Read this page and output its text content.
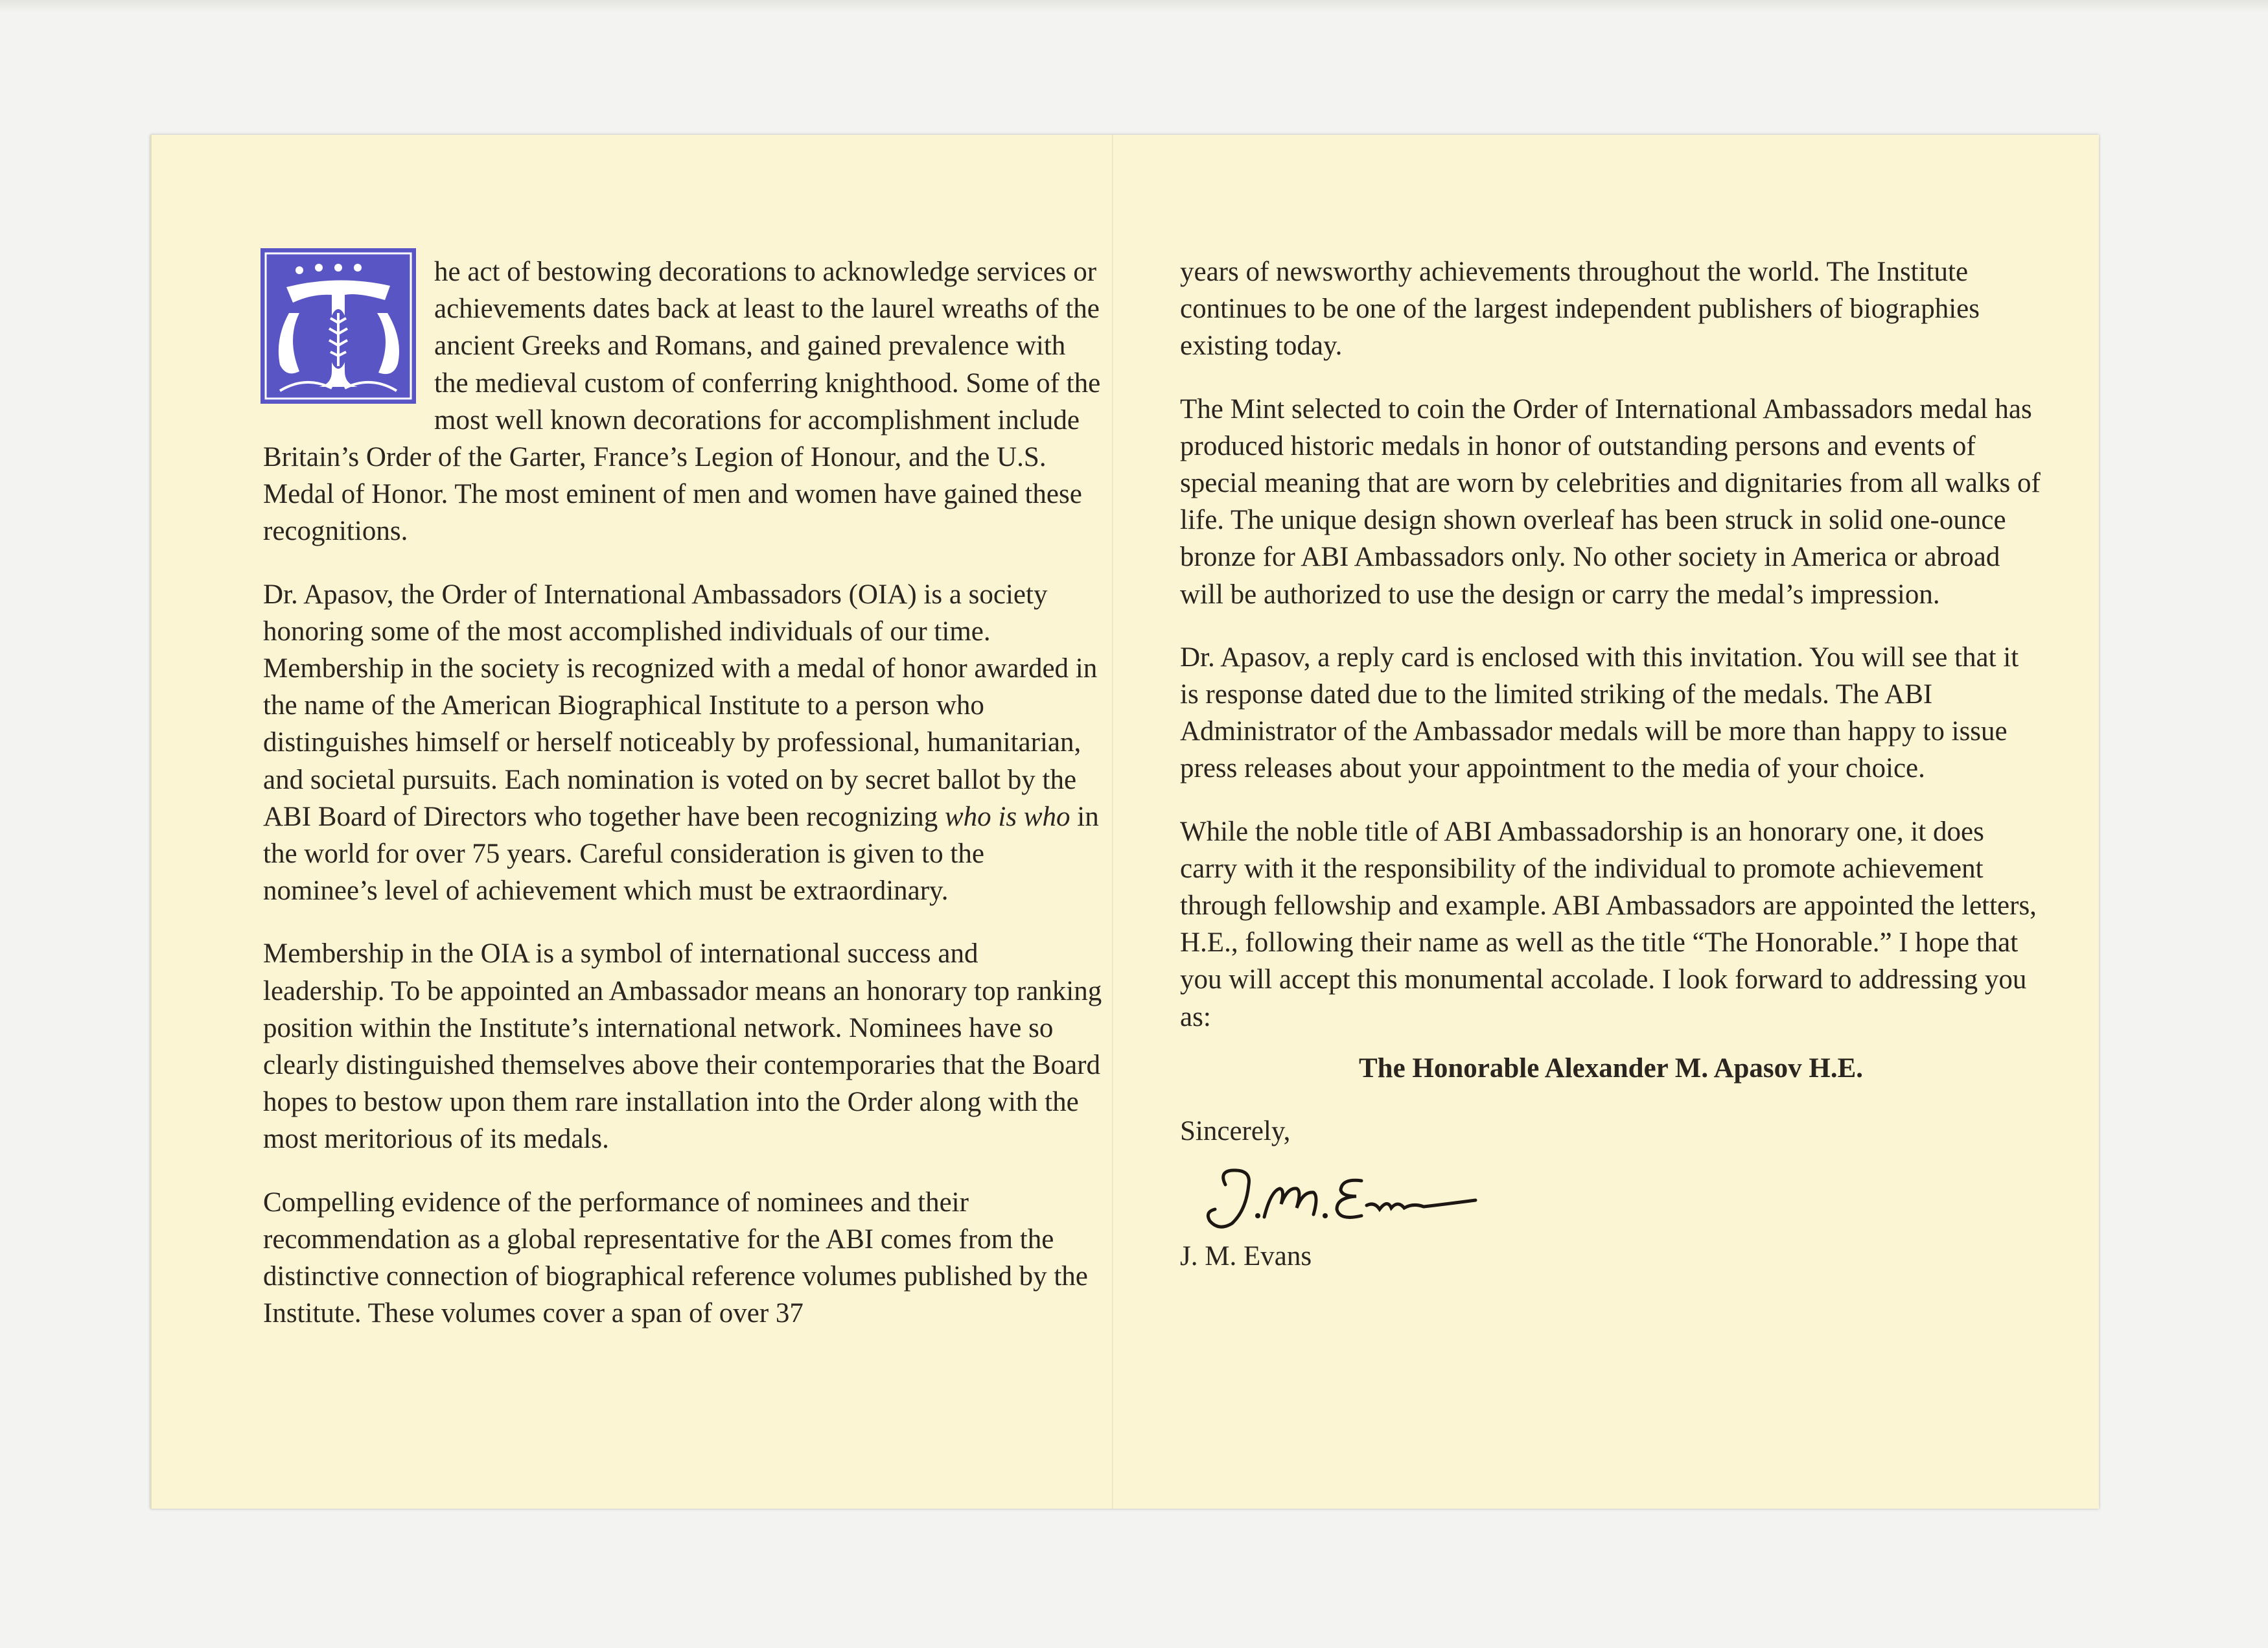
he act of bestowing decorations to acknowledge services or achievements dates back at least to the laurel wreaths of the ancient Greeks and Romans, and gained prevalence with the medieval custom of conferring knighthood. Some of the most well known decorations for accomplishment include Britain’s Order of the Garter, France’s Legion of Honour, and the U.S. Medal of Honor. The most eminent of men and women have gained these recognitions.

Dr. Apasov, the Order of International Ambassadors (OIA) is a society honoring some of the most accomplished individuals of our time. Membership in the society is recognized with a medal of honor awarded in the name of the American Biographical Institute to a person who distinguishes himself or herself noticeably by professional, humanitarian, and societal pursuits. Each nomination is voted on by secret ballot by the ABI Board of Directors who together have been recognizing who is who in the world for over 75 years. Careful consideration is given to the nominee’s level of achievement which must be extraordinary.

Membership in the OIA is a symbol of international success and leadership. To be appointed an Ambassador means an honorary top ranking position within the Institute’s international network. Nominees have so clearly distinguished themselves above their contemporaries that the Board hopes to bestow upon them rare installation into the Order along with the most meritorious of its medals.

Compelling evidence of the performance of nominees and their recommendation as a global representative for the ABI comes from the distinctive connection of biographical reference volumes published by the Institute. These volumes cover a span of over 37

years of newsworthy achievements throughout the world. The Institute continues to be one of the largest independent publishers of biographies existing today.

The Mint selected to coin the Order of International Ambassadors medal has produced historic medals in honor of outstanding persons and events of special meaning that are worn by celebrities and dignitaries from all walks of life. The unique design shown overleaf has been struck in solid one-ounce bronze for ABI Ambassadors only. No other society in America or abroad will be authorized to use the design or carry the medal’s impression.

Dr. Apasov, a reply card is enclosed with this invitation. You will see that it is response dated due to the limited striking of the medals. The ABI Administrator of the Ambassador medals will be more than happy to issue press releases about your appointment to the media of your choice.

While the noble title of ABI Ambassadorship is an honorary one, it does carry with it the responsibility of the individual to promote achievement through fellowship and example. ABI Ambassadors are appointed the letters, H.E., following their name as well as the title “The Honorable.” I hope that you will accept this monumental accolade. I look forward to addressing you as:

The Honorable Alexander M. Apasov H.E.

Sincerely,

J. M. Evans
